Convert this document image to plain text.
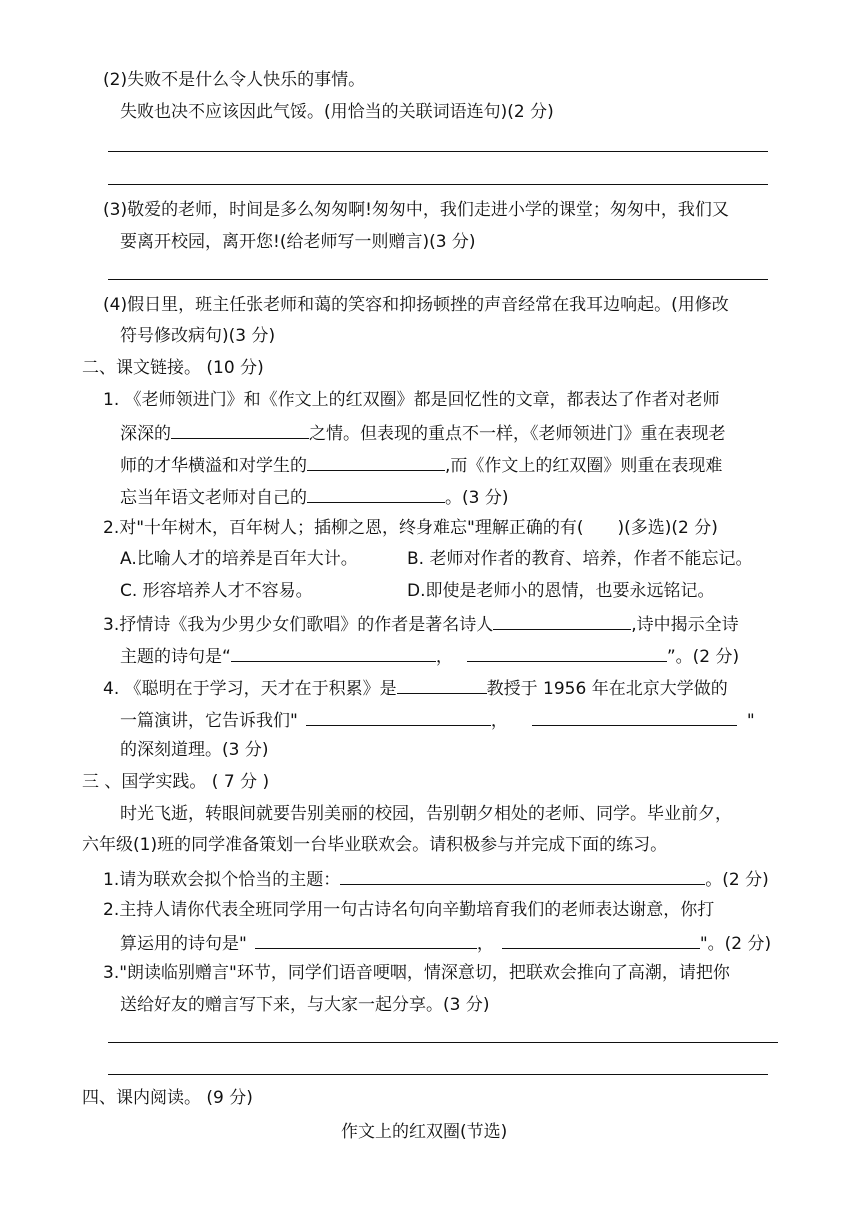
(2)失败不是什么令人快乐的事情。
失败也决不应该因此气馁。(用恰当的关联词语连句)(2 分)
(3)敬爱的老师，时间是多么匆匆啊!匆匆中，我们走进小学的课堂；匆匆中，我们又
要离开校园，离开您!(给老师写一则赠言)(3 分)
(4)假日里，班主任张老师和蔼的笑容和抑扬顿挫的声音经常在我耳边响起。(用修改
符号修改病句)(3 分)
二、课文链接。 (10 分)
1. 《老师领进门》和《作文上的红双圈》都是回忆性的文章，都表达了作者对老师
深深的	之情。但表现的重点不一样，《老师领进门》重在表现老
师的才华横溢和对学生的	,而《作文上的红双圈》则重在表现难
忘当年语文老师对自己的	。(3 分)
2.对"十年树木，百年树人；插柳之恩，终身难忘"理解正确的有(　　)(多选)(2 分)
A.比喻人才的培养是百年大计。	B. 老师对作者的教育、培养，作者不能忘记。
C. 形容培养人才不容易。	D.即使是老师小的恩情，也要永远铭记。
3.抒情诗《我为少男少女们歌唱》的作者是著名诗人	,诗中揭示全诗
主题的诗句是“	，	”。(2 分)
4. 《聪明在于学习，天才在于积累》是	教授于 1956 年在北京大学做的
一篇演讲，它告诉我们"	，	"
的深刻道理。(3 分)
三 、国学实践。 ( 7 分 )
时光飞逝，转眼间就要告别美丽的校园，告别朝夕相处的老师、同学。毕业前夕，
六年级(1)班的同学准备策划一台毕业联欢会。请积极参与并完成下面的练习。
1.请为联欢会拟个恰当的主题：	。(2 分)
2.主持人请你代表全班同学用一句古诗名句向辛勤培育我们的老师表达谢意，你打
算运用的诗句是"	，	"。(2 分)
3."朗读临别赠言"环节，同学们语音哽咽，情深意切，把联欢会推向了高潮，请把你
送给好友的赠言写下来，与大家一起分享。(3 分)
四、课内阅读。 (9 分)
作文上的红双圈(节选)
